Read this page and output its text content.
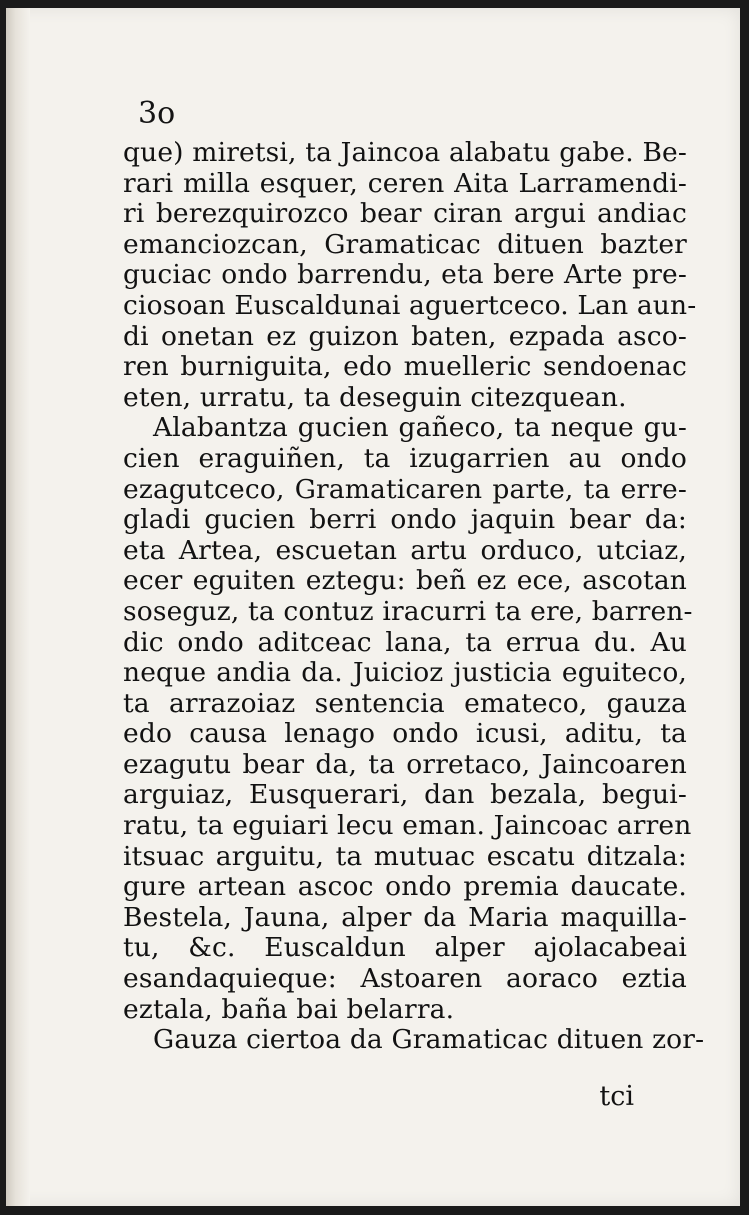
3o
que) miretsi, ta Jaincoa alabatu gabe. Be-
rari milla esquer, ceren Aita Larramendi-
ri berezquirozco bear ciran argui andiac
emanciozcan, Gramaticac dituen bazter
guciac ondo barrendu, eta bere Arte pre-
ciosoan Euscaldunai aguertceco. Lan aun-
di onetan ez guizon baten, ezpada asco-
ren burniguita, edo muelleric sendoenac
eten, urratu, ta deseguin citezquean.
Alabantza gucien gañeco, ta neque gu-
cien eraguiñen, ta izugarrien au ondo
ezagutceco, Gramaticaren parte, ta erre-
gladi gucien berri ondo jaquin bear da:
eta Artea, escuetan artu orduco, utciaz,
ecer eguiten eztegu: beñ ez ece, ascotan
soseguz, ta contuz iracurri ta ere, barren-
dic ondo aditceac lana, ta errua du. Au
neque andia da. Juicioz justicia eguiteco,
ta arrazoiaz sentencia emateco, gauza
edo causa lenago ondo icusi, aditu, ta
ezagutu bear da, ta orretaco, Jaincoaren
arguiaz, Eusquerari, dan bezala, begui-
ratu, ta eguiari lecu eman. Jaincoac arren
itsuac arguitu, ta mutuac escatu ditzala:
gure artean ascoc ondo premia daucate.
Bestela, Jauna, alper da Maria maquilla-
tu, &c. Euscaldun alper ajolacabeai
esandaquieque: Astoaren aoraco eztia
eztala, baña bai belarra.
Gauza ciertoa da Gramaticac dituen zor-
tci
